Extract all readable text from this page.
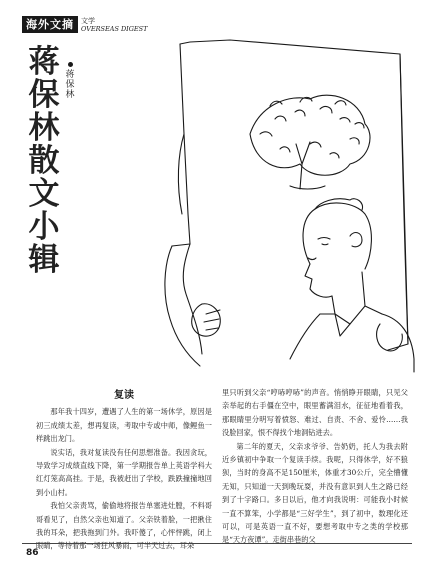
海外文摘	文学
OVERSEAS DIGEST
蒋
保
林
散
文
小
辑
蒋
保
林
复读

那年我十四岁，遭遇了人生的第一场休学，原因是初三成绩太差，想再复读，考取中专或中师，像鲤鱼一样跳出龙门。

说实话，我对复读没有任何思想准备。我因贪玩，导致学习成绩直线下降，第一学期报告单上英语学科大红灯笼高高挂。于是，我被赶出了学校，跌跌撞撞地回到小山村。

我怕父亲责骂，偷偷地将报告单塞进灶膛，不料哥哥看见了，自然父亲也知道了。父亲铁着脸，一把揪住我的耳朵，把我拖到门外。我吓傻了，心怦怦跳，闭上眼睛，等待着那一场狂风暴雨，可半天过去，耳朵

里只听到父亲“哼哧哼哧”的声音。悄悄睁开眼睛，只见父亲举起的右手僵在空中，眼里蓄满泪水，征征地看着我，那眼睛里分明写着愤怒、难过、自责、不舍、爱怜……我没脸回家，恨不得找个地洞钻进去。

第二年的夏天，父亲求爷爷、告奶奶，托人为我去附近乡镇初中争取一个复读手续。我呢，只得休学，好不狼狈，当时的身高不足150厘米，体重才30公斤，完全懵懂无知，只知道一天到晚玩耍，并没有意识到人生之路已经到了十字路口。多日以后，他才向我说明：可能我小时候一直不算笨，小学都是“三好学生”，到了初中，数理化还可以，可是英语一直不好，要想考取中专之类的学校那是“天方夜谭”。走街串巷的父

86
